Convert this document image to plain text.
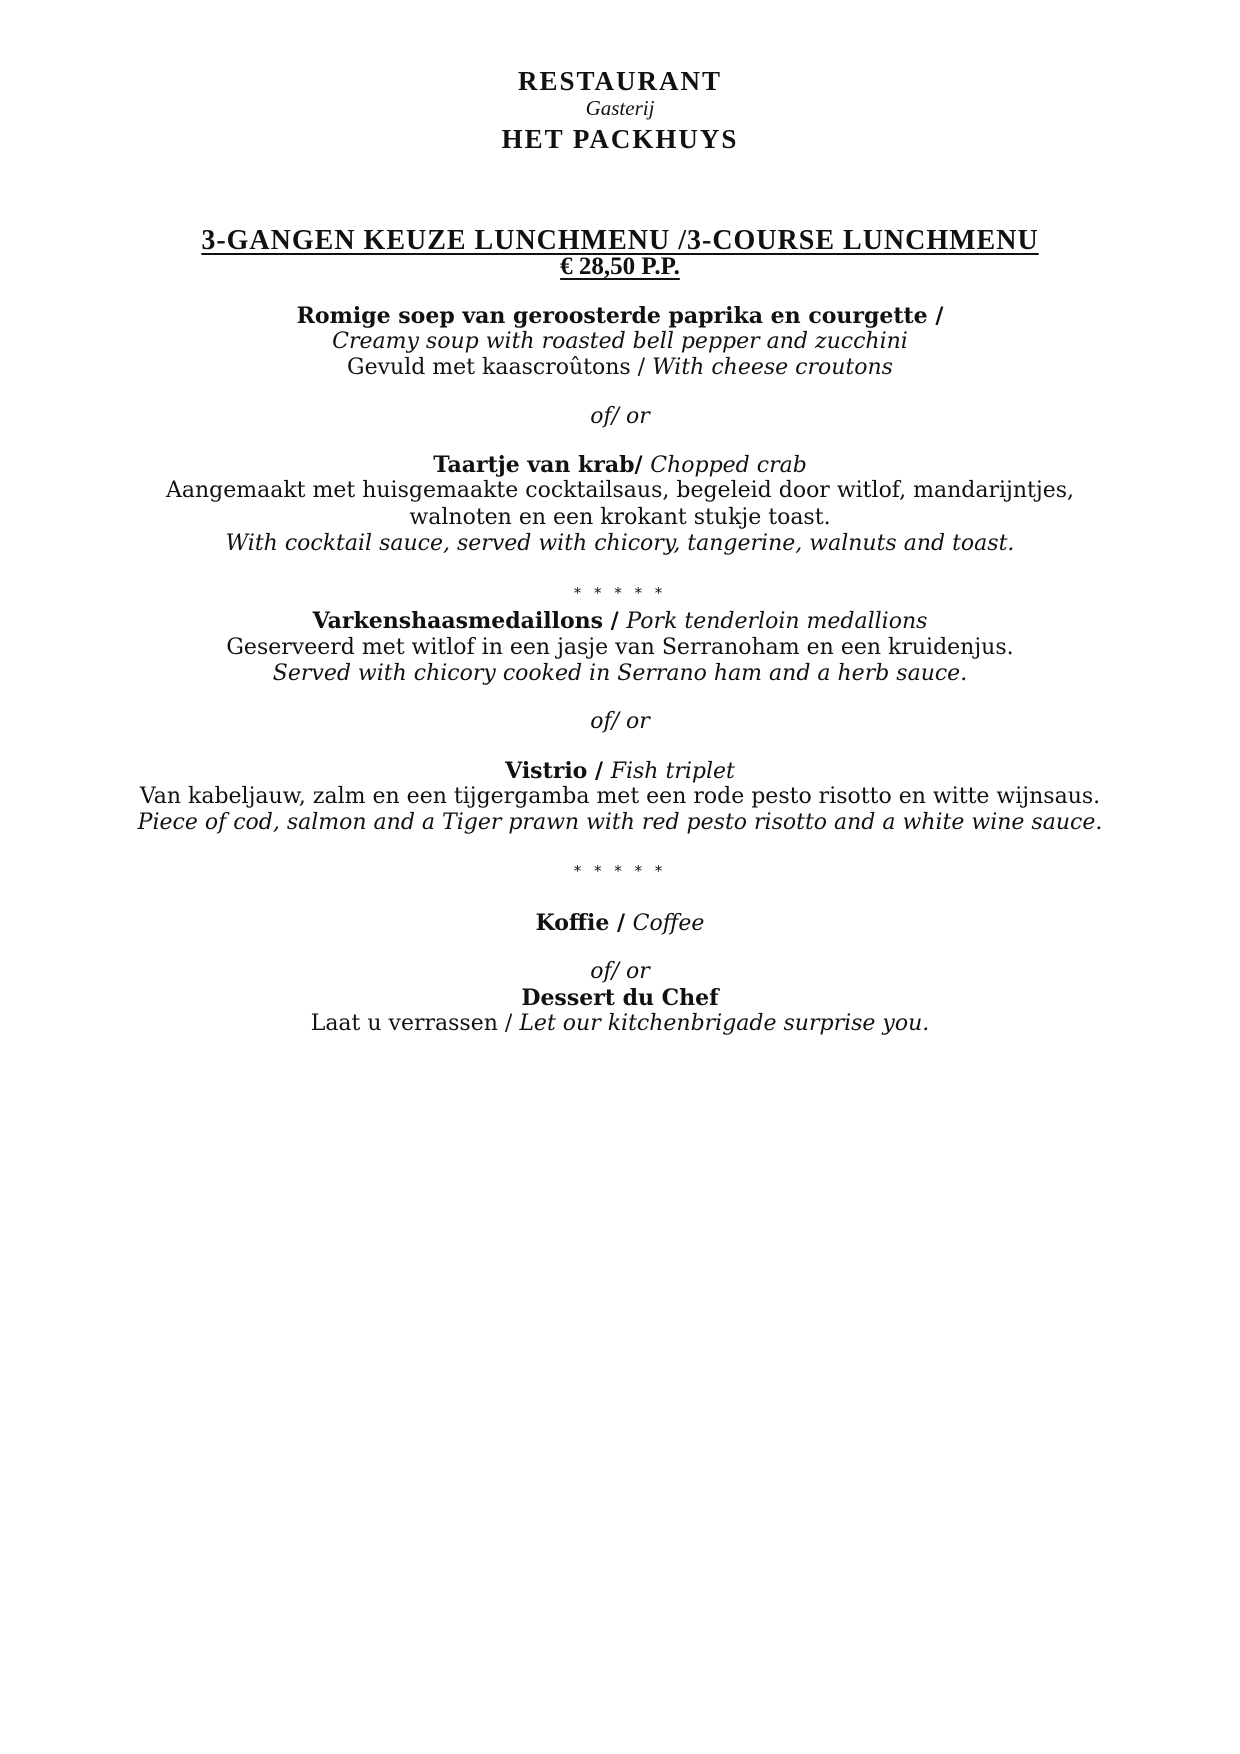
RESTAURANT
Gasterij
HET PACKHUYS
3-GANGEN KEUZE LUNCHMENU /3-COURSE LUNCHMENU
€ 28,50 P.P.
Romige soep van geroosterde paprika en courgette /
Creamy soup with roasted bell pepper and zucchini
Gevuld met kaascroûtons / With cheese croutons
of/ or
Taartje van krab/ Chopped crab
Aangemaakt met huisgemaakte cocktailsaus, begeleid door witlof, mandarijntjes,
walnoten en een krokant stukje toast.
With cocktail sauce, served with chicory, tangerine, walnuts and toast.
* * * * *
Varkenshaasmedaillons / Pork tenderloin medallions
Geserveerd met witlof in een jasje van Serranoham en een kruidenjus.
Served with chicory cooked in Serrano ham and a herb sauce.
of/ or
Vistrio / Fish triplet
Van kabeljauw, zalm en een tijgergamba met een rode pesto risotto en witte wijnsaus.
Piece of cod, salmon and a Tiger prawn with red pesto risotto and a white wine sauce.
* * * * *
Koffie / Coffee
of/ or
Dessert du Chef
Laat u verrassen / Let our kitchenbrigade surprise you.
